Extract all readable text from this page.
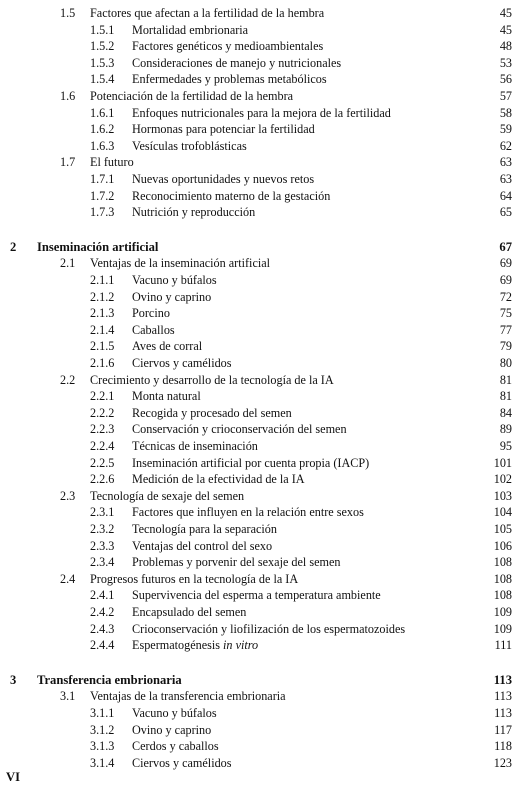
1.5 Factores que afectan a la fertilidad de la hembra	45
1.5.1 Mortalidad embrionaria	45
1.5.2 Factores genéticos y medioambientales	48
1.5.3 Consideraciones de manejo y nutricionales	53
1.5.4 Enfermedades y problemas metabólicos	56
1.6 Potenciación de la fertilidad de la hembra	57
1.6.1 Enfoques nutricionales para la mejora de la fertilidad	58
1.6.2 Hormonas para potenciar la fertilidad	59
1.6.3 Vesículas trofoblásticas	62
1.7 El futuro	63
1.7.1 Nuevas oportunidades y nuevos retos	63
1.7.2 Reconocimiento materno de la gestación	64
1.7.3 Nutrición y reproducción	65
2 Inseminación artificial	67
2.1 Ventajas de la inseminación artificial	69
2.1.1 Vacuno y búfalos	69
2.1.2 Ovino y caprino	72
2.1.3 Porcino	75
2.1.4 Caballos	77
2.1.5 Aves de corral	79
2.1.6 Ciervos y camélidos	80
2.2 Crecimiento y desarrollo de la tecnología de la IA	81
2.2.1 Monta natural	81
2.2.2 Recogida y procesado del semen	84
2.2.3 Conservación y crioconservación del semen	89
2.2.4 Técnicas de inseminación	95
2.2.5 Inseminación artificial por cuenta propia (IACP)	101
2.2.6 Medición de la efectividad de la IA	102
2.3 Tecnología de sexaje del semen	103
2.3.1 Factores que influyen en la relación entre sexos	104
2.3.2 Tecnología para la separación	105
2.3.3 Ventajas del control del sexo	106
2.3.4 Problemas y porvenir del sexaje del semen	108
2.4 Progresos futuros en la tecnología de la IA	108
2.4.1 Supervivencia del esperma a temperatura ambiente	108
2.4.2 Encapsulado del semen	109
2.4.3 Crioconservación y liofilización de los espermatozoides	109
2.4.4 Espermatogénesis in vitro	111
3 Transferencia embrionaria	113
3.1 Ventajas de la transferencia embrionaria	113
3.1.1 Vacuno y búfalos	113
3.1.2 Ovino y caprino	117
3.1.3 Cerdos y caballos	118
3.1.4 Ciervos y camélidos	123
VI
